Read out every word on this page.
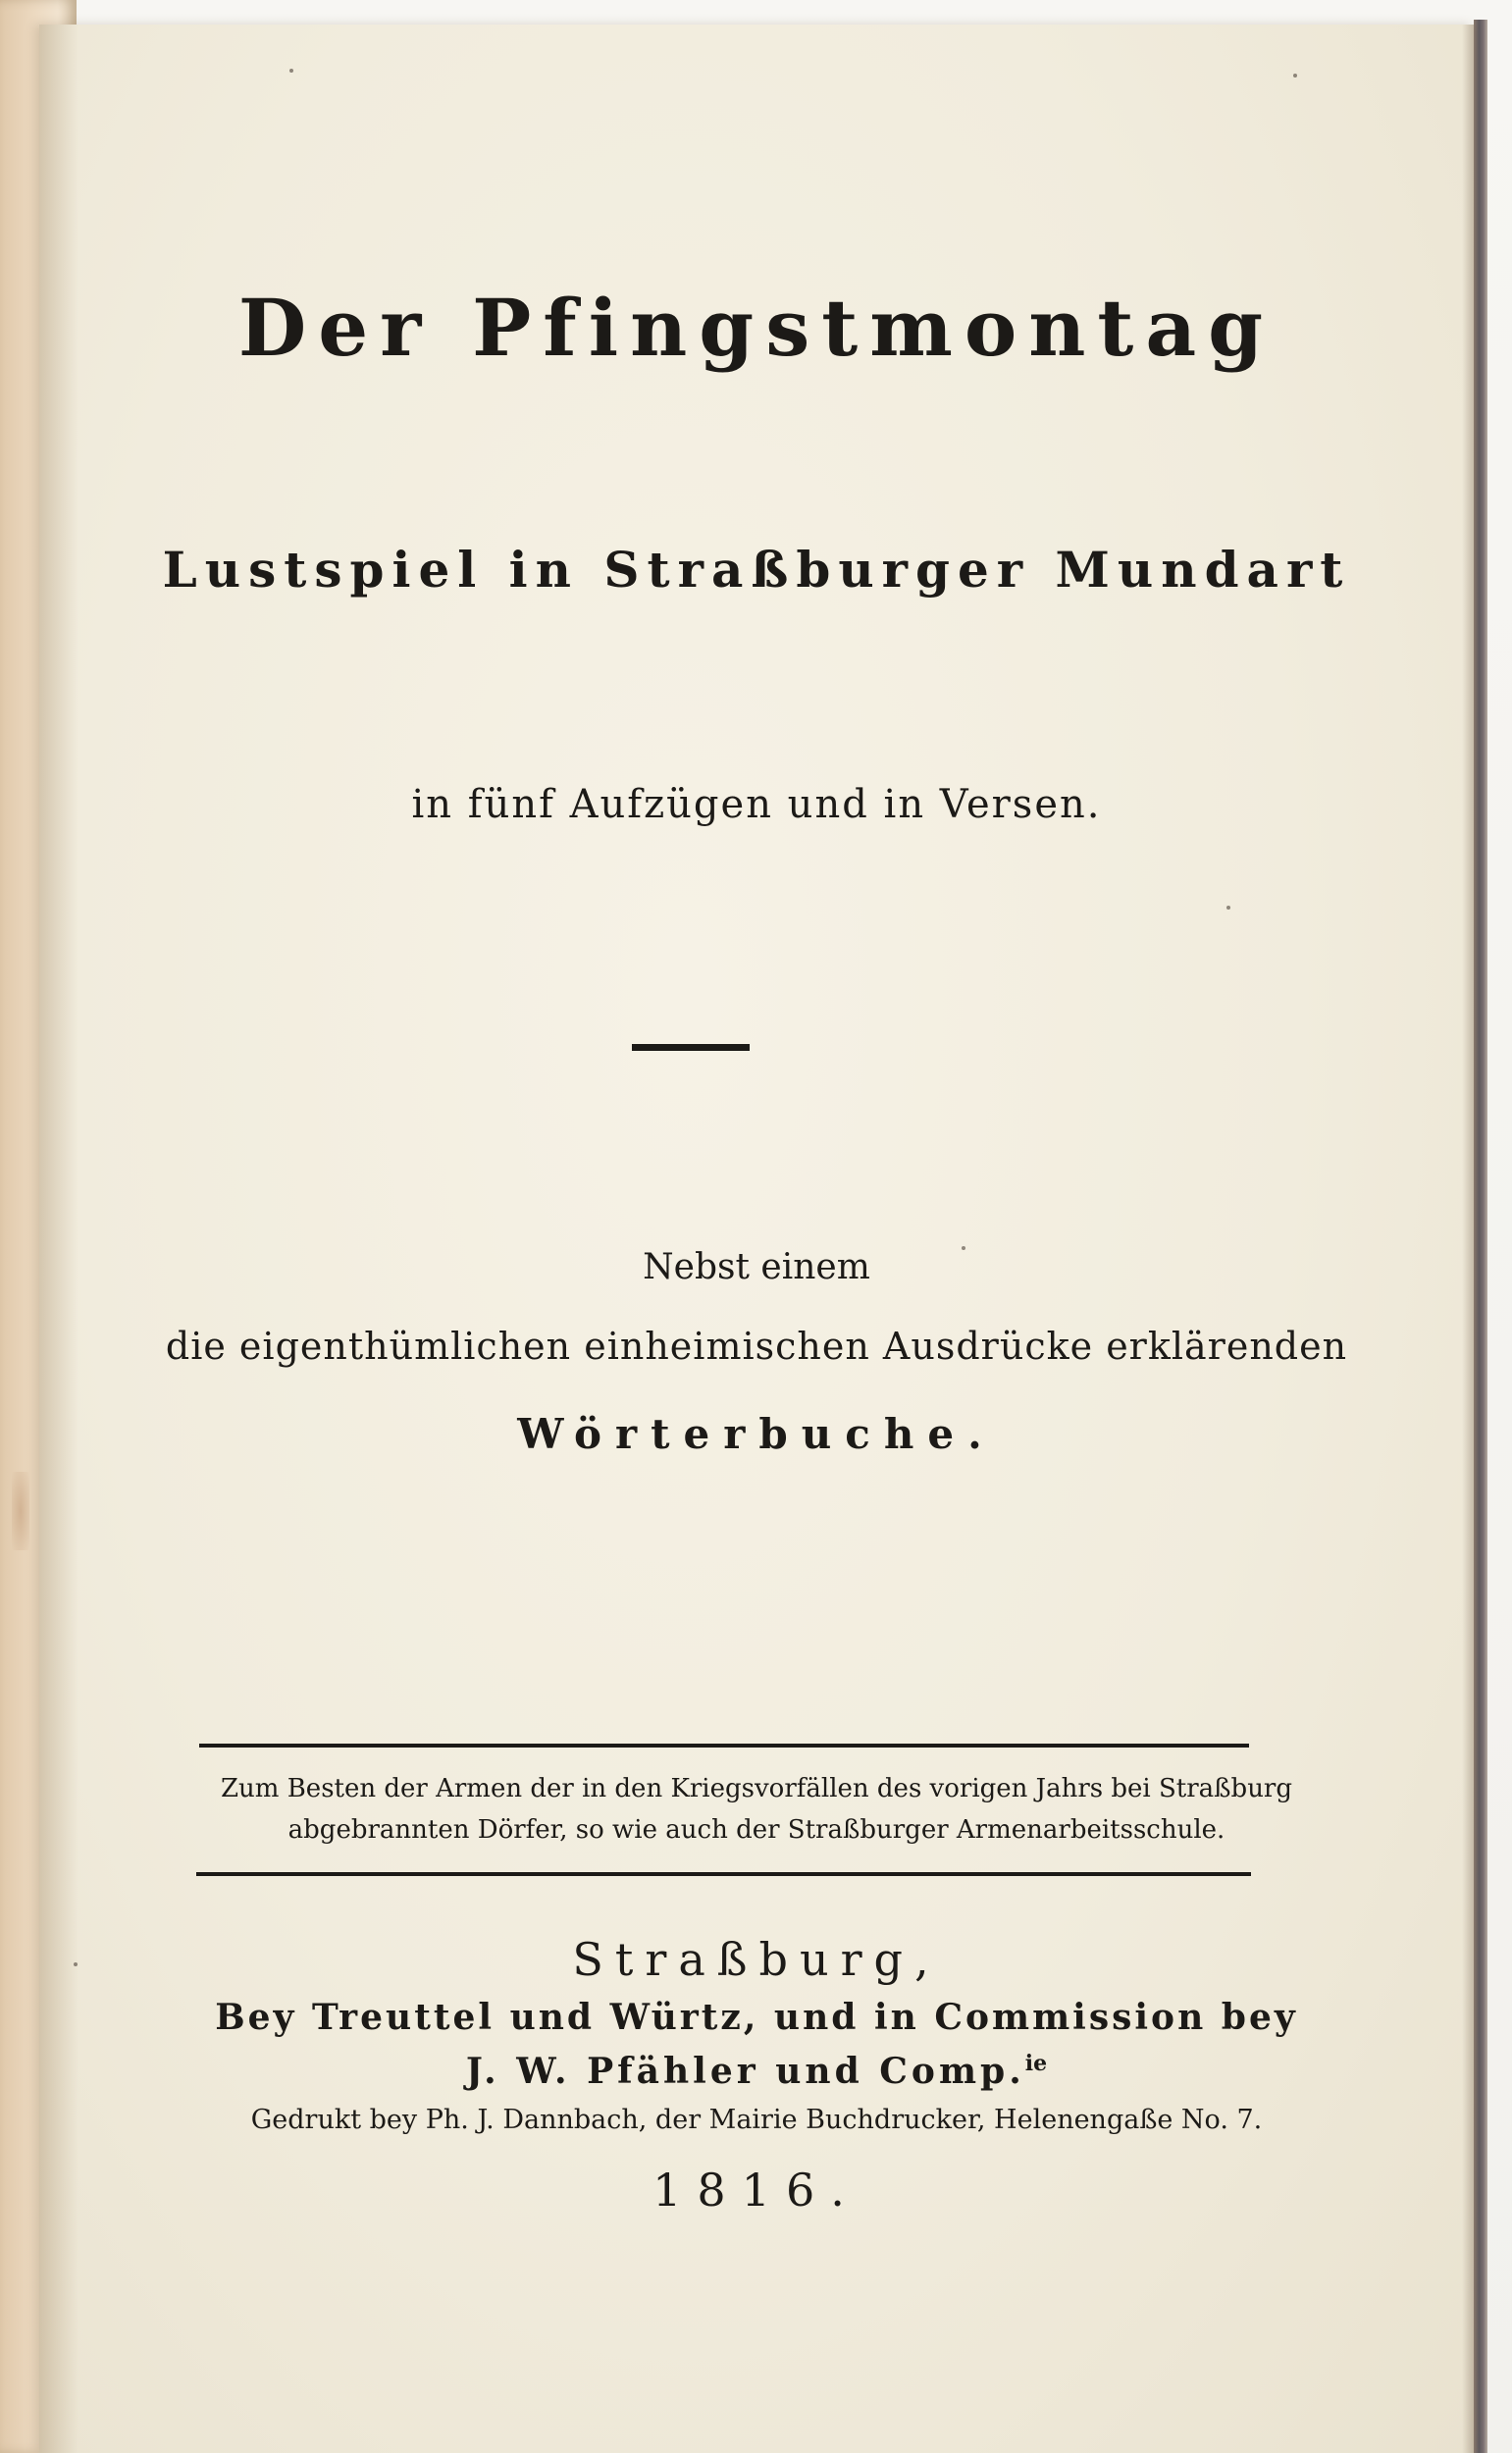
Der Pfingstmontag
Lustspiel in Straßburger Mundart

in fünf Aufzügen und in Versen.

Nebst einem

die eigenthümlichen einheimischen Ausdrücke erklärenden

Wörterbuche.

Zum Besten der Armen der in den Kriegsvorfällen des vorigen Jahrs bei Straßburg

abgebrannten Dörfer, so wie auch der Straßburger Armenarbeitsschule.

Straßburg,

Bey Treuttel und Würtz, und in Commission bey

J. W. Pfähler und Comp.$^{ie}$

Gedrukt bey Ph. J. Dannbach, der Mairie Buchdrucker, Helenengaße No. 7.

1816.
